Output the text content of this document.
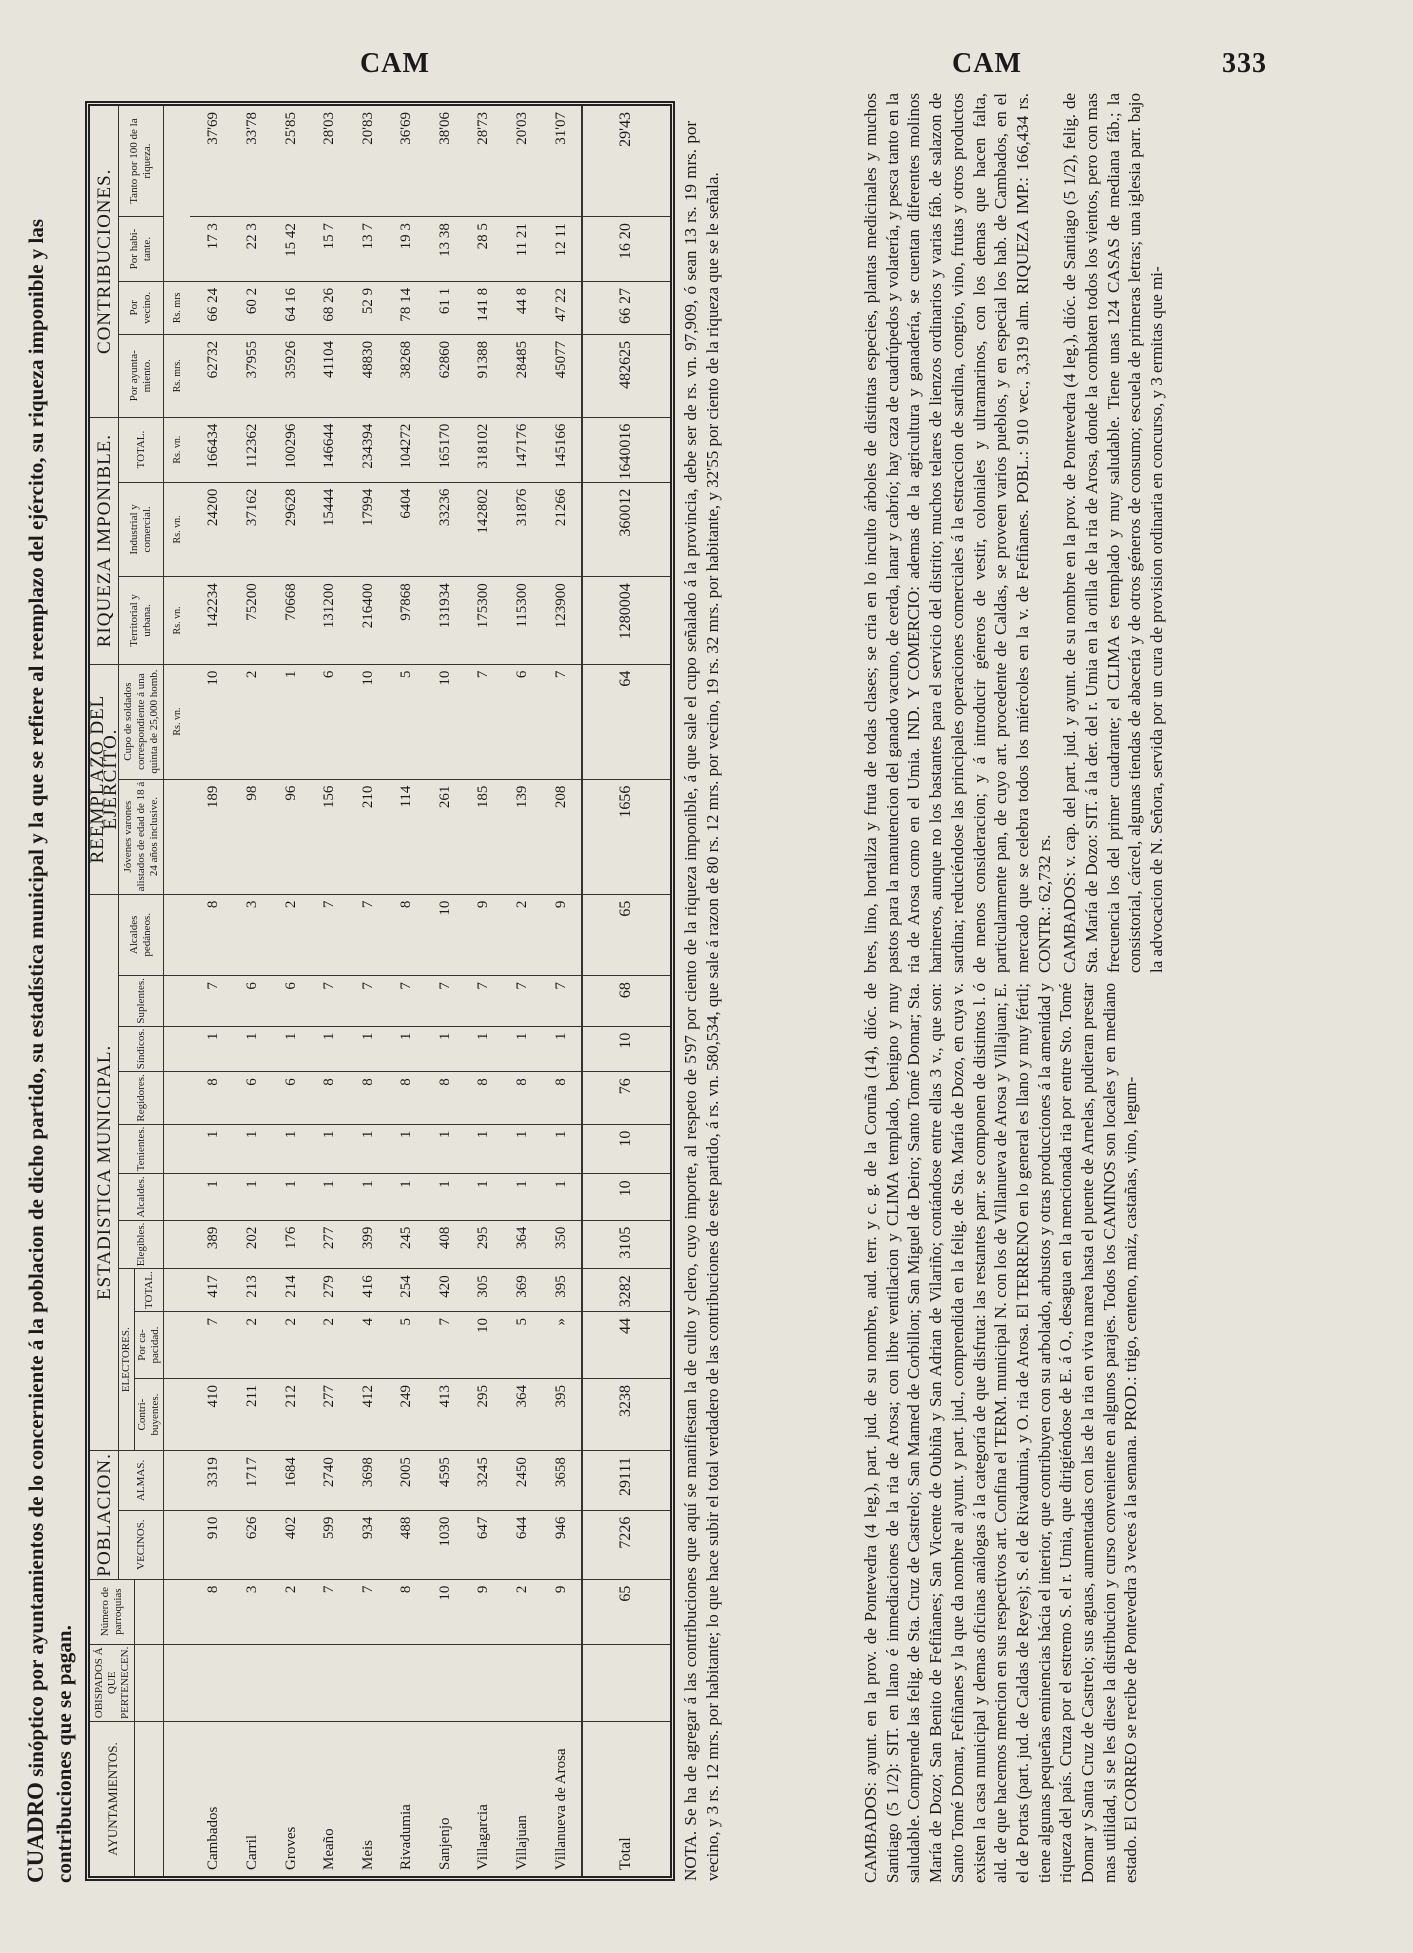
CAM	CAM	333
CUADRO sinóptico por ayuntamientos de lo concerniente á la poblacion de dicho partido, su estadística municipal y la que se refiere al reemplazo del ejército, su riqueza imponible y las contribuciones que se pagan. AYUNTAMIENTOS.	OBISPADOS Á QUE PERTENECEN.	Número de parroquias	POBLACION.		ESTADISTICA MUNICIPAL.										REEMPLAZO DEL EJERCITO.		RIQUEZA IMPONIBLE.			CONTRIBUCIONES.			
			VECINOS.	ALMAS.	ELECTORES.			Elegibles.	Alcaldes.	Tenientes.	Regidores.	Síndicos.	Suplentes.	Alcaldes pedáneos.	Jóvenes varones alistados de edad de 18 á 24 años inclusive.	Cupo de soldados correspondiente á una quinta de 25,000 homb.	Territorial y urbana.	Industrial y comercial.	TOTAL.	Por ayunta-miento.	Por vecino.	Por habi-tante.	Tanto por 100 de la riqueza.
					Contri-buyentes.	Por ca-pacidad.	TOTAL.																
																Rs. vn.	Rs. vn.	Rs. vn.	Rs. vn.	Rs. mrs.	Rs. mrs		
Cambados		8	910	3319	410	7	417	389	1	1	8	1	7	8	189	10	142234	24200	166434	62732	66 24	17 3	37'69
Carril		3	626	1717	211	2	213	202	1	1	6	1	6	3	98	2	75200	37162	112362	37955	60 2	22 3	33'78
Groves		2	402	1684	212	2	214	176	1	1	6	1	6	2	96	1	70668	29628	100296	35926	64 16	15 42	25'85
Meaño		7	599	2740	277	2	279	277	1	1	8	1	7	7	156	6	131200	15444	146644	41104	68 26	15 7	28'03
Meis		7	934	3698	412	4	416	399	1	1	8	1	7	7	210	10	216400	17994	234394	48830	52 9	13 7	20'83
Rivadumia		8	488	2005	249	5	254	245	1	1	8	1	7	8	114	5	97868	6404	104272	38268	78 14	19 3	36'69
Sanjenjo		10	1030	4595	413	7	420	408	1	1	8	1	7	10	261	10	131934	33236	165170	62860	61 1	13 38	38'06
Villagarcia		9	647	3245	295	10	305	295	1	1	8	1	7	9	185	7	175300	142802	318102	91388	141 8	28 5	28'73
Villajuan		2	644	2450	364	5	369	364	1	1	8	1	7	2	139	6	115300	31876	147176	28485	44 8	11 21	20'03
Villanueva de Arosa		9	946	3658	395	»	395	350	1	1	8	1	7	9	208	7	123900	21266	145166	45077	47 22	12 11	31'07
Total		65	7226	29111	3238	44	3282	3105	10	10	76	10	68	65	1656	64	1280004	360012	1640016	482625	66 27	16 20	29'43

NOTA. Se ha de agregar á las contribuciones que aquí se manifiestan la de culto y clero, cuyo importe, al respeto de 5'97 por ciento de la riqueza imponible, á que sale el cupo señalado á la provincia, debe ser de rs. vn. 97,909, ó sean 13 rs. 19 mrs. por vecino, y 3 rs. 12 mrs. por habitante; lo que hace subir el total verdadero de las contribuciones de este partido, á rs. vn. 580,534, que sale á razon de 80 rs. 12 mrs. por vecino, 19 rs. 32 mrs. por habitante, y 32'55 por ciento de la riqueza que se le señala.	CAMBADOS: ayunt. en la prov. de Pontevedra (4 leg.), part. jud. de su nombre, aud. terr. y c. g. de la Coruña (14), dióc. de Santiago (5 1/2): SIT. en llano é inmediaciones de la ria de Arosa; con libre ventilacion y CLIMA templado, benigno y muy saludable. Comprende las felig. de Sta. Cruz de Castrelo; San Mamed de Corbillon; San Miguel de Deiro; Santo Tomé Domar; Sta. María de Dozo; San Benito de Fefiñanes; San Vicente de Oubiña y San Adrian de Vilariño; contándose entre ellas 3 v., que son: Santo Tomé Domar, Fefiñanes y la que da nombre al ayunt. y part. jud., comprendida en la felig. de Sta. María de Dozo, en cuya v. existen la casa municipal y demas oficinas análogas á la categoría de que disfruta: las restantes parr. se componen de distintos l. ó ald. de que hacemos mencion en sus respectivos art. Confina el TERM. municipal N. con los de Villanueva de Arosa y Villajuan; E. el de Portas (part. jud. de Caldas de Reyes); S. el de Rivadumia, y O. ria de Arosa. El TERRENO en lo general es llano y muy fértil; tiene algunas pequeñas eminencias hácia el interior, que contribuyen con su arbolado, arbustos y otras producciones á la amenidad y riqueza del país. Cruza por el estremo S. el r. Umia, que dirigiéndose de E. á O., desagua en la mencionada ria por entre Sto. Tomé Domar y Santa Cruz de Castrelo; sus aguas, aumentadas con las de la ria en viva marea hasta el puente de Arnelas, pudieran prestar mas utilidad, si se les diese la distribucion y curso conveniente en algunos parajes. Todos los CAMINOS son locales y en mediano estado. El CORREO se recibe de Pontevedra 3 veces á la semana. PROD.: trigo, centeno, maiz, castañas, vino, legum-

bres, lino, hortaliza y fruta de todas clases; se cria en lo inculto árboles de distintas especies, plantas medicinales y muchos pastos para la manutencion del ganado vacuno, de cerda, lanar y cabrío; hay caza de cuadrúpedos y volatería, y pesca tanto en la ria de Arosa como en el Umia. IND. Y COMERCIO: ademas de la agricultura y ganadería, se cuentan diferentes molinos harineros, aunque no los bastantes para el servicio del distrito; muchos telares de lienzos ordinarios y varias fáb. de salazon de sardina; reduciéndose las principales operaciones comerciales á la estraccion de sardina, congrio, vino, frutas y otros productos de menos consideracion; y á introducir géneros de vestir, coloniales y ultramarinos, con los demas que hacen falta, particularmente pan, de cuyo art. procedente de Caldas, se proveen varios pueblos, y en especial los hab. de Cambados, en el mercado que se celebra todos los miércoles en la v. de Fefiñanes. POBL.: 910 vec., 3,319 alm. RIQUEZA IMP.: 166,434 rs. CONTR.: 62,732 rs. CAMBADOS: v. cap. del part. jud. y ayunt. de su nombre en la prov. de Pontevedra (4 leg.), dióc. de Santiago (5 1/2), felig. de Sta. María de Dozo: SIT. á la der. del r. Umia en la orilla de la ria de Arosa, donde la combaten todos los vientos, pero con mas frecuencia los del primer cuadrante; el CLIMA es templado y muy saludable. Tiene unas 124 CASAS de mediana fáb.; la consistorial, cárcel, algunas tiendas de abacería y de otros géneros de consumo; escuela de primeras letras; una iglesia parr. bajo la advocacion de N. Señora, servida por un cura de provision ordinaria en concurso, y 3 ermitas que mi-
